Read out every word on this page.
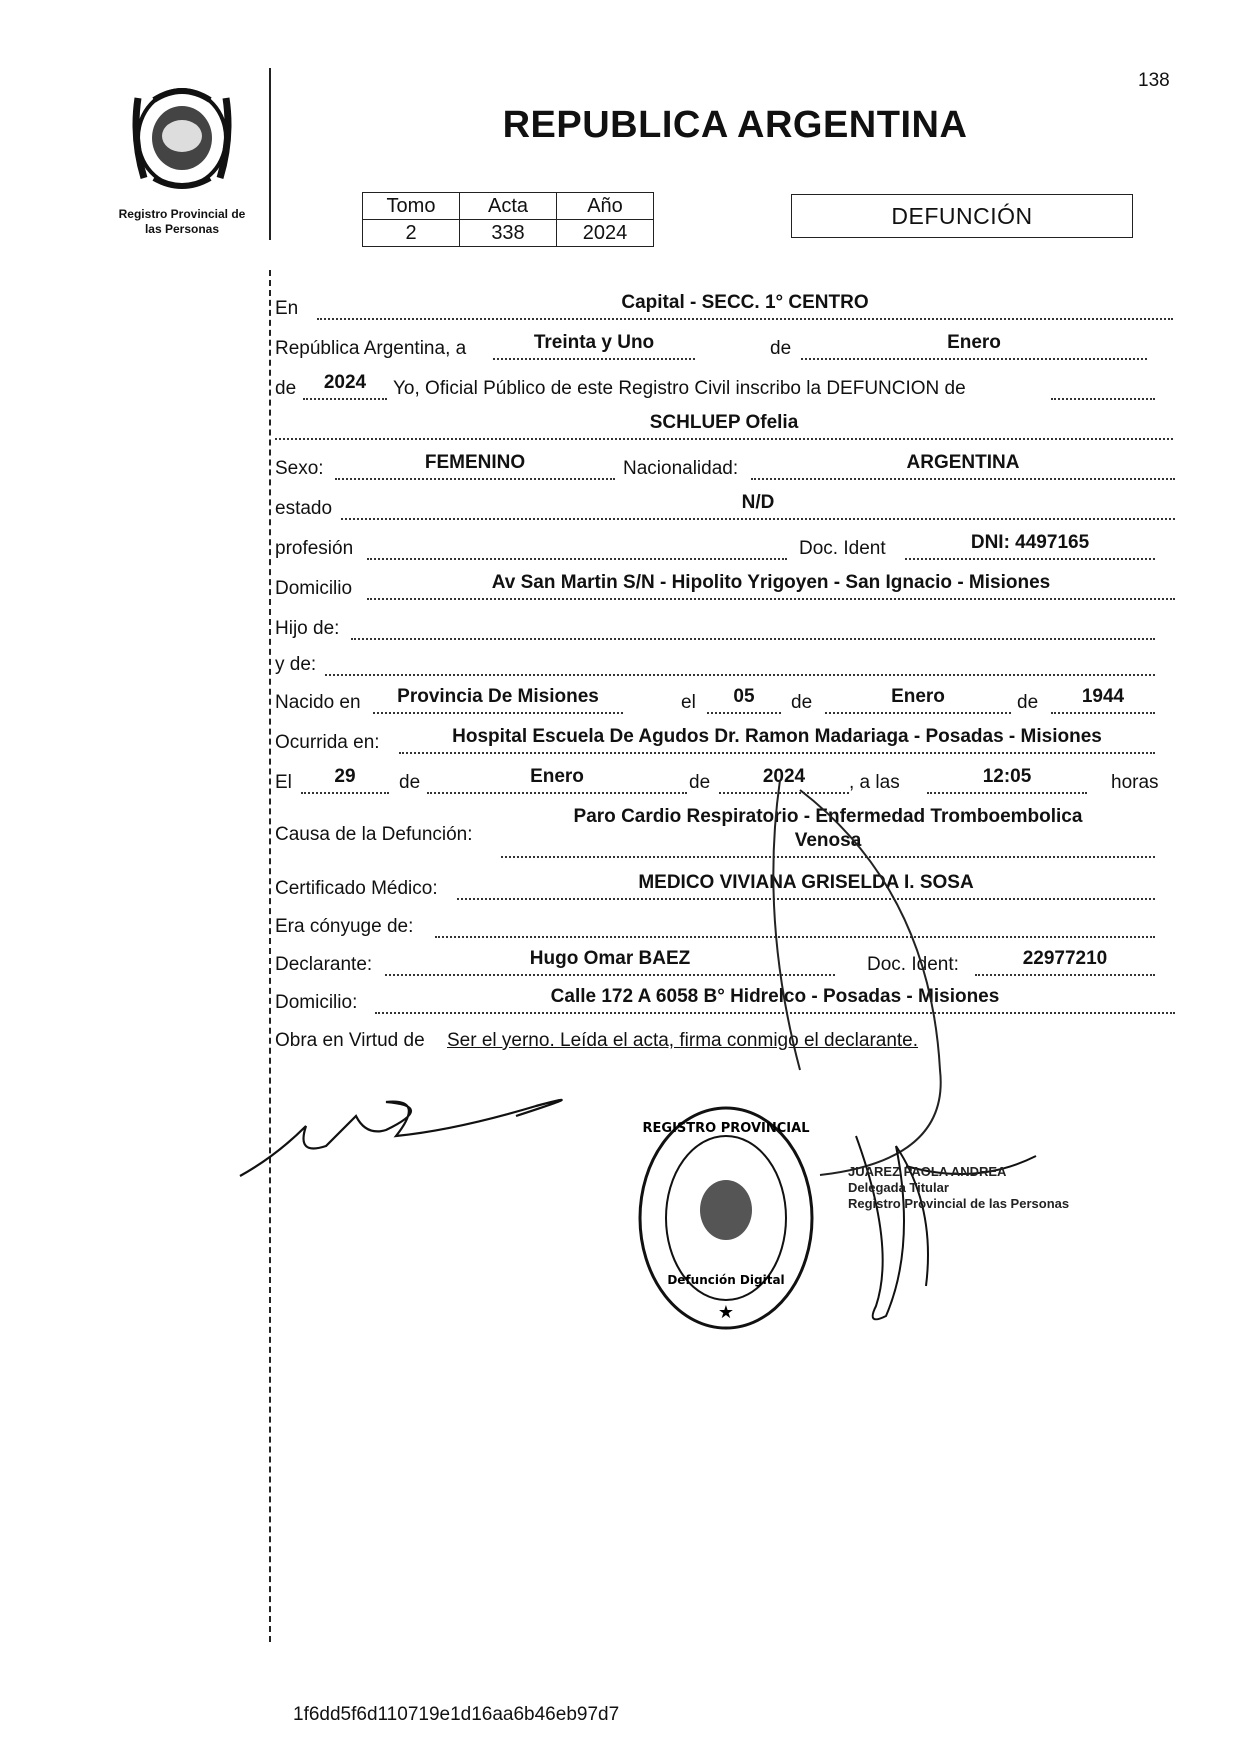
138
Registro Provincial de
las Personas
REPUBLICA ARGENTINA
Tomo	Acta	Año
2	338	2024
DEFUNCIÓN
En	Capital - SECC. 1° CENTRO
República Argentina, a	Treinta y Uno	de	Enero
de	2024	Yo, Oficial Público de este Registro Civil inscribo la DEFUNCION de
SCHLUEP Ofelia
Sexo:	FEMENINO	Nacionalidad:	ARGENTINA
estado	N/D
profesión	Doc. Ident	DNI: 4497165
Domicilio	Av San Martin S/N - Hipolito Yrigoyen - San Ignacio - Misiones
Hijo de:
y de:
Nacido en	Provincia De Misiones	el	05	de	Enero	de	1944
Ocurrida en:	Hospital Escuela De Agudos Dr. Ramon Madariaga - Posadas - Misiones
El	29	de	Enero	de	2024	, a las	12:05	horas
Causa de la Defunción:
Paro Cardio Respiratorio - Enfermedad Tromboembolica
Venosa
Certificado Médico:	MEDICO VIVIANA GRISELDA I. SOSA
Era cónyuge de:
Declarante:	Hugo Omar BAEZ	Doc. Ident:	22977210
Domicilio:	Calle 172 A 6058 B° Hidrelco - Posadas - Misiones
Obra en Virtud de Ser el yerno. Leída el acta, firma conmigo el declarante.
REGISTRO PROVINCIAL
Defunción Digital
★
JUAREZ PAOLA ANDREA
Delegada Titular
Registro Provincial de las Personas
1f6dd5f6d110719e1d16aa6b46eb97d7
